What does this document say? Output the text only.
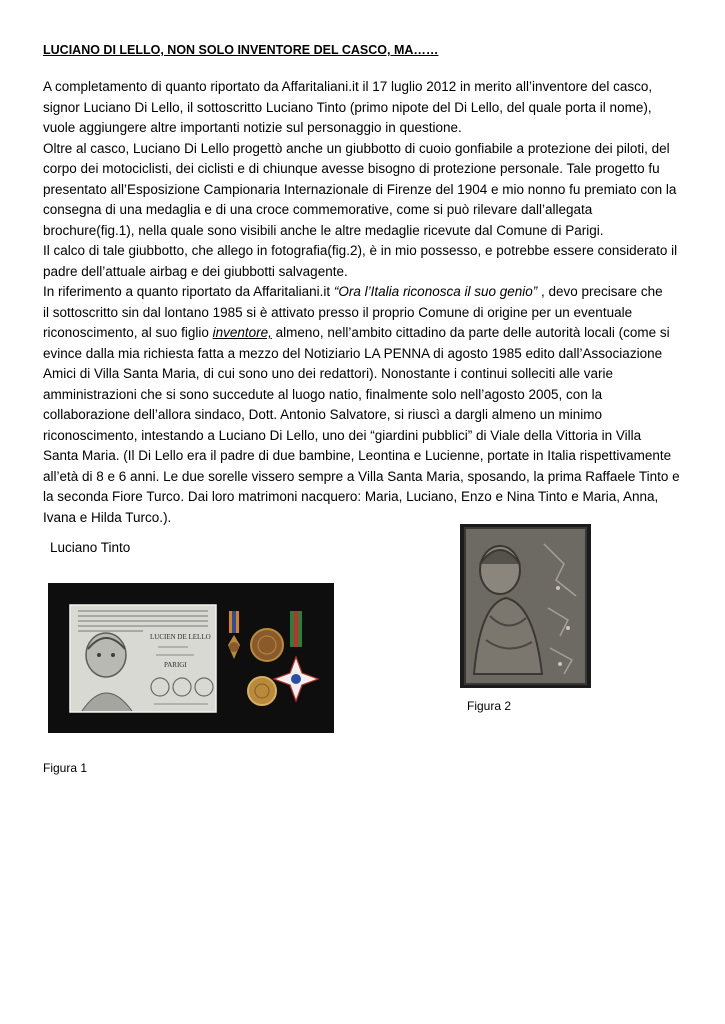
LUCIANO DI LELLO, NON SOLO INVENTORE DEL CASCO, MA……
A completamento di quanto riportato da Affaritaliani.it il 17 luglio 2012 in merito all’inventore del casco,
signor Luciano Di Lello, il sottoscritto Luciano Tinto (primo nipote del Di Lello, del quale porta il nome),
vuole aggiungere altre importanti notizie sul personaggio in questione.
Oltre al casco, Luciano Di Lello progettò anche un giubbotto di cuoio gonfiabile a protezione dei piloti, del
corpo dei motociclisti, dei ciclisti e di chiunque avesse bisogno di protezione personale. Tale progetto fu
presentato all’Esposizione Campionaria Internazionale di Firenze del 1904 e mio nonno fu premiato con la
consegna di una medaglia e di una croce commemorative, come si può rilevare dall’allegata
brochure(fig.1), nella quale sono visibili anche le altre medaglie ricevute dal Comune di Parigi.
Il calco di tale giubbotto, che allego in fotografia(fig.2), è in mio possesso, e potrebbe essere considerato il
padre dell’attuale airbag e dei giubbotti salvagente.
In riferimento a quanto riportato da Affaritaliani.it “Ora l’Italia riconosca il suo genio” , devo precisare che
il sottoscritto sin dal lontano 1985 si è attivato presso il proprio Comune di origine per un eventuale
riconoscimento, al suo figlio inventore, almeno, nell’ambito cittadino da parte delle autorità locali (come si
evince dalla mia richiesta fatta a mezzo del Notiziario LA PENNA di agosto 1985 edito dall’Associazione
Amici di Villa Santa Maria, di cui sono uno dei redattori). Nonostante i continui solleciti alle varie
amministrazioni che si sono succedute al luogo natio, finalmente solo nell’agosto 2005, con la
collaborazione dell’allora sindaco, Dott. Antonio Salvatore, si riuscì a dargli almeno un minimo
riconoscimento, intestando a Luciano Di Lello, uno dei “giardini pubblici” di Viale della Vittoria in Villa
Santa Maria. (Il Di Lello era il padre di due bambine, Leontina e Lucienne, portate in Italia rispettivamente
all’età di 8 e 6 anni. Le due sorelle vissero sempre a Villa Santa Maria, sposando, la prima Raffaele Tinto e
la seconda Fiore Turco. Dai loro matrimoni nacquero: Maria, Luciano, Enzo e Nina Tinto e Maria, Anna,
Ivana e Hilda Turco.).
Luciano Tinto
LUCIEN DE LELLO
PARIGI
Figura 1
Figura 2
